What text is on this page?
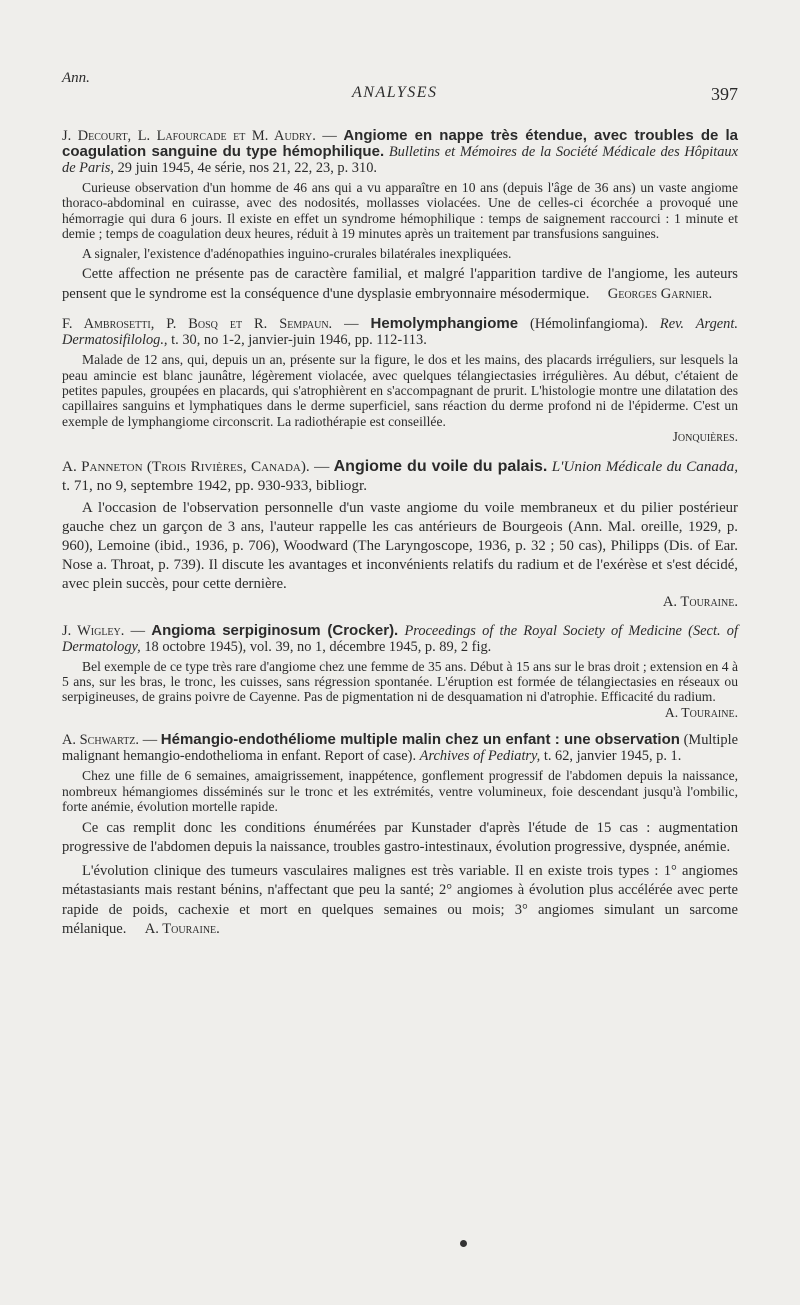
Ann.
ANALYSES	397

J. Decourt, L. Lafourcade et M. Audry. — Angiome en nappe très étendue, avec troubles de la coagulation sanguine du type hémophilique. Bulletins et Mémoires de la Société Médicale des Hôpitaux de Paris, 29 juin 1945, 4e série, nos 21, 22, 23, p. 310.

Curieuse observation d'un homme de 46 ans qui a vu apparaître en 10 ans (depuis l'âge de 36 ans) un vaste angiome thoraco-abdominal en cuirasse, avec des nodosités, mollasses violacées. Une de celles-ci écorchée a provoqué une hémorragie qui dura 6 jours. Il existe en effet un syndrome hémophilique : temps de saignement raccourci : 1 minute et demie ; temps de coagulation deux heures, réduit à 19 minutes après un traitement par transfusions sanguines.

A signaler, l'existence d'adénopathies inguino-crurales bilatérales inexpliquées.

Cette affection ne présente pas de caractère familial, et malgré l'apparition tardive de l'angiome, les auteurs pensent que le syndrome est la conséquence d'une dysplasie embryonnaire mésodermique. Georges Garnier.

F. Ambrosetti, P. Bosq et R. Sempaun. — Hemolymphangiome (Hémolinfangioma). Rev. Argent. Dermatosifilolog., t. 30, no 1-2, janvier-juin 1946, pp. 112-113.

Malade de 12 ans, qui, depuis un an, présente sur la figure, le dos et les mains, des placards irréguliers, sur lesquels la peau amincie est blanc jaunâtre, légèrement violacée, avec quelques télangiectasies irrégulières. Au début, c'étaient de petites papules, groupées en placards, qui s'atrophièrent en s'accompagnant de prurit. L'histologie montre une dilatation des capillaires sanguins et lymphatiques dans le derme superficiel, sans réaction du derme profond ni de l'épiderme. C'est un exemple de lymphangiome circonscrit. La radiothérapie est conseillée.
Jonquières.

A. Panneton (Trois Rivières, Canada). — Angiome du voile du palais. L'Union Médicale du Canada, t. 71, no 9, septembre 1942, pp. 930-933, bibliogr.

A l'occasion de l'observation personnelle d'un vaste angiome du voile membraneux et du pilier postérieur gauche chez un garçon de 3 ans, l'auteur rappelle les cas antérieurs de Bourgeois (Ann. Mal. oreille, 1929, p. 960), Lemoine (ibid., 1936, p. 706), Woodward (The Laryngoscope, 1936, p. 32 ; 50 cas), Philipps (Dis. of Ear. Nose a. Throat, p. 739). Il discute les avantages et inconvénients relatifs du radium et de l'exérèse et s'est décidé, avec plein succès, pour cette dernière.

A. Touraine.

J. Wigley. — Angioma serpiginosum (Crocker). Proceedings of the Royal Society of Medicine (Sect. of Dermatology, 18 octobre 1945), vol. 39, no 1, décembre 1945, p. 89, 2 fig.

Bel exemple de ce type très rare d'angiome chez une femme de 35 ans. Début à 15 ans sur le bras droit ; extension en 4 à 5 ans, sur les bras, le tronc, les cuisses, sans régression spontanée. L'éruption est formée de télangiectasies en réseaux ou serpigineuses, de grains poivre de Cayenne. Pas de pigmentation ni de desquamation ni d'atrophie. Efficacité du radium.
A. Touraine.

A. Schwartz. — Hémangio-endothéliome multiple malin chez un enfant : une observation (Multiple malignant hemangio-endothelioma in enfant. Report of case). Archives of Pediatry, t. 62, janvier 1945, p. 1.

Chez une fille de 6 semaines, amaigrissement, inappétence, gonflement progressif de l'abdomen depuis la naissance, nombreux hémangiomes disséminés sur le tronc et les extrémités, ventre volumineux, foie descendant jusqu'à l'ombilic, forte anémie, évolution mortelle rapide.

Ce cas remplit donc les conditions énumérées par Kunstader d'après l'étude de 15 cas : augmentation progressive de l'abdomen depuis la naissance, troubles gastro-intestinaux, évolution progressive, dyspnée, anémie.

L'évolution clinique des tumeurs vasculaires malignes est très variable. Il en existe trois types : 1° angiomes métastasiants mais restant bénins, n'affectant que peu la santé; 2° angiomes à évolution plus accélérée avec perte rapide de poids, cachexie et mort en quelques semaines ou mois; 3° angiomes simulant un sarcome mélanique. A. Touraine.
